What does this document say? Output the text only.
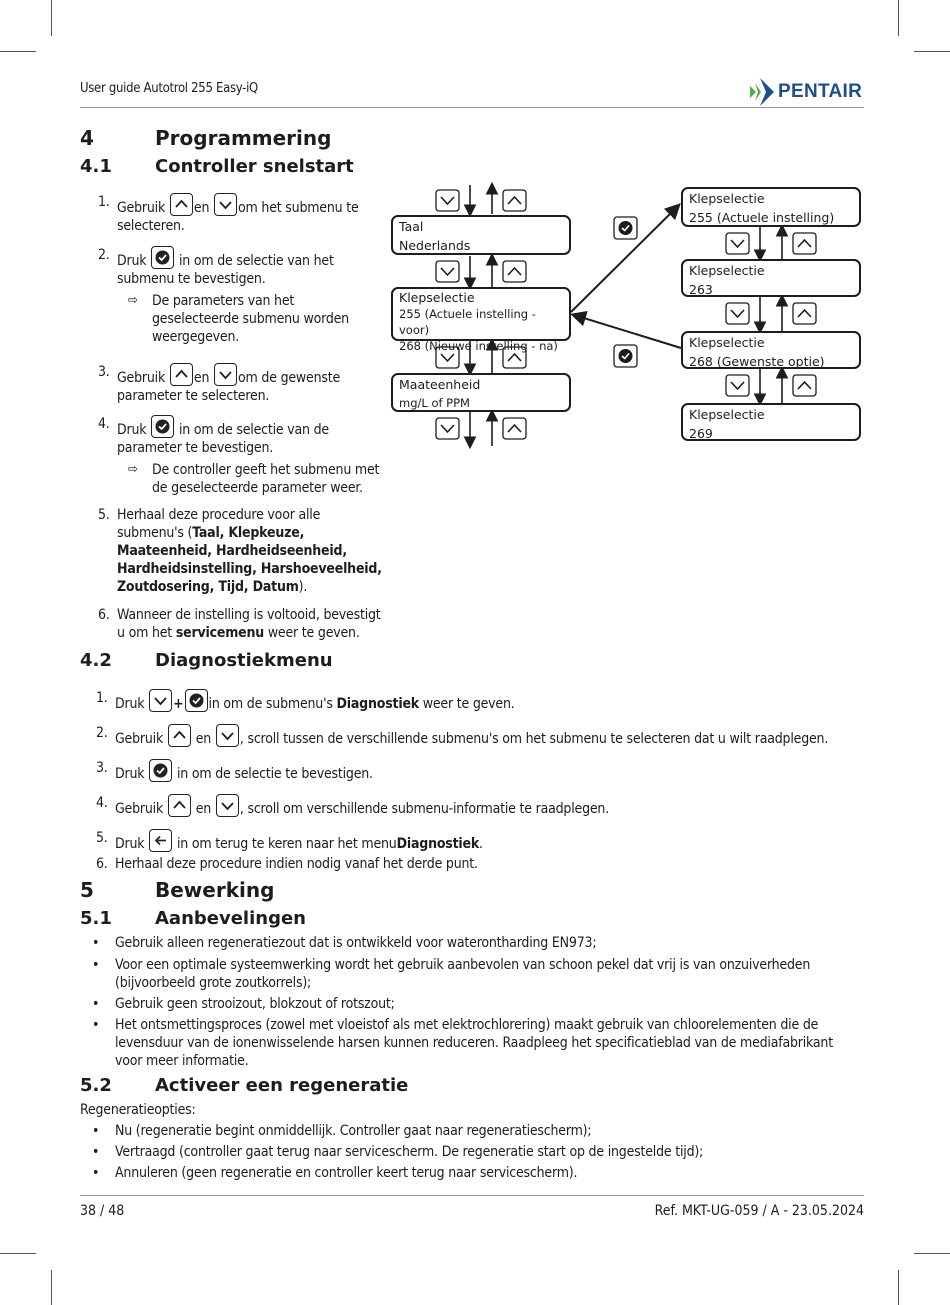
User guide Autotrol 255 Easy-iQ	PENTAIR
4	Programmering
4.1 Controller snelstart
1. Gebruik en om het submenu te
selecteren.
2. Druk in om de selectie van het
submenu te bevestigen.
⇨ De parameters van het
geselecteerde submenu worden
weergegeven.
3. Gebruik en om de gewenste
parameter te selecteren.
4. Druk in om de selectie van de
parameter te bevestigen.
⇨ De controller geeft het submenu met
de geselecteerde parameter weer.
5. Herhaal deze procedure voor alle
submenu's (Taal, Klepkeuze,
Maateenheid, Hardheidseenheid,
Hardheidsinstelling, Harshoeveelheid,
Zoutdosering, Tijd, Datum).
6. Wanneer de instelling is voltooid, bevestigt
u om het servicemenu weer te geven.
Taal
Nederlands
Klepselectie
255 (Actuele instelling - voor)
268 (Nieuwe instelling - na)
Maateenheid
mg/L of PPM
Klepselectie
255 (Actuele instelling)
Klepselectie
263
Klepselectie
268 (Gewenste optie)
Klepselectie
269
4.2 Diagnostiekmenu
1. Druk + in om de submenu's Diagnostiek weer te geven.
2. Gebruik en , scroll tussen de verschillende submenu's om het submenu te selecteren dat u wilt raadplegen.
3. Druk in om de selectie te bevestigen.
4. Gebruik en , scroll om verschillende submenu-informatie te raadplegen.
5. Druk in om terug te keren naar het menuDiagnostiek.
6. Herhaal deze procedure indien nodig vanaf het derde punt.
5	Bewerking
5.1 Aanbevelingen
• Gebruik alleen regeneratiezout dat is ontwikkeld voor waterontharding EN973;
• Voor een optimale systeemwerking wordt het gebruik aanbevolen van schoon pekel dat vrij is van onzuiverheden
(bijvoorbeeld grote zoutkorrels);
• Gebruik geen strooizout, blokzout of rotszout;
• Het ontsmettingsproces (zowel met vloeistof als met elektrochlorering) maakt gebruik van chloorelementen die de
levensduur van de ionenwisselende harsen kunnen reduceren. Raadpleeg het specificatieblad van de mediafabrikant
voor meer informatie.
5.2 Activeer een regeneratie
Regeneratieopties:
• Nu (regeneratie begint onmiddellijk. Controller gaat naar regeneratiescherm);
• Vertraagd (controller gaat terug naar servicescherm. De regeneratie start op de ingestelde tijd);
• Annuleren (geen regeneratie en controller keert terug naar servicescherm).
38 / 48	Ref. MKT-UG-059 / A - 23.05.2024
